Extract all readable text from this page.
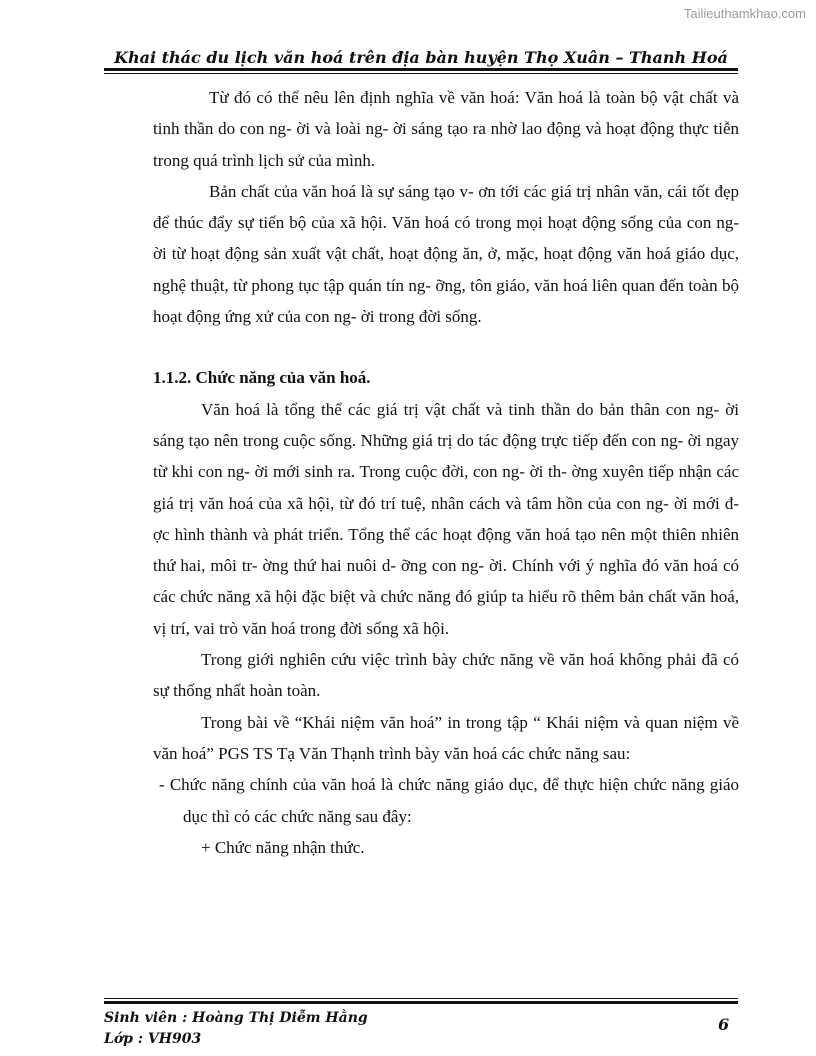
Tailieuthamkhao.com
Khai thác du lịch văn hoá trên địa bàn huyện Thọ Xuân – Thanh Hoá

Từ đó có thể nêu lên định nghĩa về văn hoá: Văn hoá là toàn bộ vật chất và tinh thần do con ng- ời và loài ng- ời sáng tạo ra nhờ lao động và hoạt động thực tiễn trong quá trình lịch sử của mình.

Bản chất của văn hoá là sự sáng tạo v- ơn tới các giá trị nhân văn, cái tốt đẹp để thúc đẩy sự tiến bộ của xã hội. Văn hoá có trong mọi hoạt động sống của con ng- ời từ hoạt động sản xuất vật chất, hoạt động ăn, ở, mặc, hoạt động văn hoá giáo dục, nghệ thuật, từ phong tục tập quán tín ng- ỡng, tôn giáo, văn hoá liên quan đến toàn bộ hoạt động ứng xử của con ng- ời trong đời sống.

1.1.2. Chức năng của văn hoá.

Văn hoá là tổng thể các giá trị vật chất và tinh thần do bản thân con ng- ời sáng tạo nên trong cuộc sống. Những giá trị do tác động trực tiếp đến con ng- ời ngay từ khi con ng- ời mới sinh ra. Trong cuộc đời, con ng- ời th- ờng xuyên tiếp nhận các giá trị văn hoá của xã hội, từ đó trí tuệ, nhân cách và tâm hồn của con ng- ời mới đ- ợc hình thành và phát triển. Tổng thể các hoạt động văn hoá tạo nên một thiên nhiên thứ hai, môi tr- ờng thứ hai nuôi d- ỡng con ng- ời. Chính với ý nghĩa đó văn hoá có các chức năng xã hội đặc biệt và chức năng đó giúp ta hiểu rõ thêm bản chất văn hoá, vị trí, vai trò văn hoá trong đời sống xã hội.

Trong giới nghiên cứu việc trình bày chức năng về văn hoá không phải đã có sự thống nhất hoàn toàn.

Trong bài về “Khái niệm văn hoá” in trong tập “ Khái niệm và quan niệm về văn hoá” PGS TS Tạ Văn Thạnh trình bày văn hoá các chức năng sau:

- Chức năng chính của văn hoá là chức năng giáo dục, để thực hiện chức năng giáo dục thì có các chức năng sau đây:

+ Chức năng nhận thức.

Sinh viên : Hoàng Thị Diễm Hằng
Lớp : VH903
6
